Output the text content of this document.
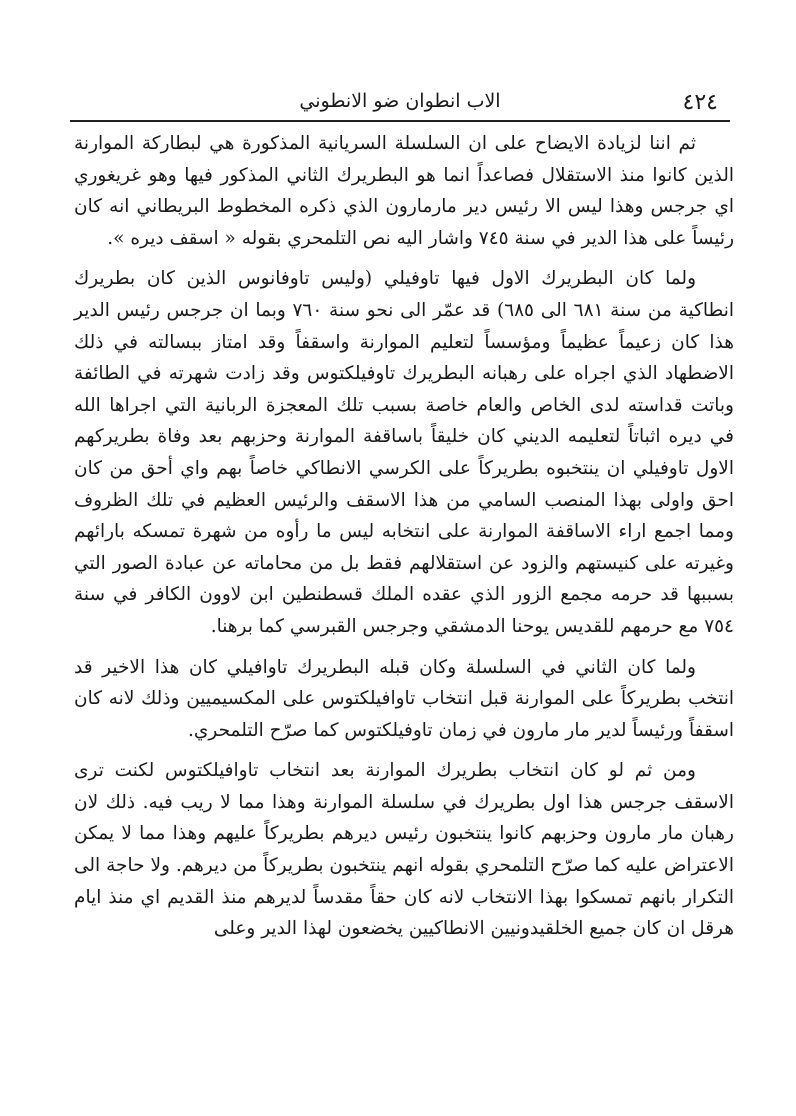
٤٢٤
الاب انطوان ضو الانطوني

ثم اننا لزيادة الايضاح على ان السلسلة السريانية المذكورة هي لبطاركة الموارنة الذين كانوا منذ الاستقلال فصاعداً انما هو البطريرك الثاني المذكور فيها وهو غريغوري اي جرجس وهذا ليس الا رئيس دير مارمارون الذي ذكره المخطوط البريطاني انه كان رئيساً على هذا الدير في سنة ٧٤٥ واشار اليه نص التلمحري بقوله « اسقف ديره ».

ولما كان البطريرك الاول فيها تاوفيلي (وليس تاوفانوس الذين كان بطريرك انطاكية من سنة ٦٨١ الى ٦٨٥) قد عمّر الى نحو سنة ٧٦٠ وبما ان جرجس رئيس الدير هذا كان زعيماً عظيماً ومؤسساً لتعليم الموارنة واسقفاً وقد امتاز ببسالته في ذلك الاضطهاد الذي اجراه على رهبانه البطريرك تاوفيلكتوس وقد زادت شهرته في الطائفة وباتت قداسته لدى الخاص والعام خاصة بسبب تلك المعجزة الربانية التي اجراها الله في ديره اثباتاً لتعليمه الديني كان خليقاً باساقفة الموارنة وحزبهم بعد وفاة بطريركهم الاول تاوفيلي ان ينتخبوه بطريركاً على الكرسي الانطاكي خاصاً بهم واي أحق من كان احق واولى بهذا المنصب السامي من هذا الاسقف والرئيس العظيم في تلك الظروف ومما اجمع اراء الاساقفة الموارنة على انتخابه ليس ما رأوه من شهرة تمسكه بارائهم وغيرته على كنيستهم والزود عن استقلالهم فقط بل من محاماته عن عبادة الصور التي بسببها قد حرمه مجمع الزور الذي عقده الملك قسطنطين ابن لاوون الكافر في سنة ٧٥٤ مع حرمهم للقديس يوحنا الدمشقي وجرجس القبرسي كما برهنا.

ولما كان الثاني في السلسلة وكان قبله البطريرك تاوافيلي كان هذا الاخير قد انتخب بطريركاً على الموارنة قبل انتخاب تاوافيلكتوس على المكسيميين وذلك لانه كان اسقفاً ورئيساً لدير مار مارون في زمان تاوفيلكتوس كما صرّح التلمحري.

ومن ثم لو كان انتخاب بطريرك الموارنة بعد انتخاب تاوافيلكتوس لكنت ترى الاسقف جرجس هذا اول بطريرك في سلسلة الموارنة وهذا مما لا ريب فيه. ذلك لان رهبان مار مارون وحزبهم كانوا ينتخبون رئيس ديرهم بطريركاً عليهم وهذا مما لا يمكن الاعتراض عليه كما صرّح التلمحري بقوله انهم ينتخبون بطريركاً من ديرهم. ولا حاجة الى التكرار بانهم تمسكوا بهذا الانتخاب لانه كان حقاً مقدساً لديرهم منذ القديم اي منذ ايام هرقل ان كان جميع الخلقيدونيين الانطاكيين يخضعون لهذا الدير وعلى
